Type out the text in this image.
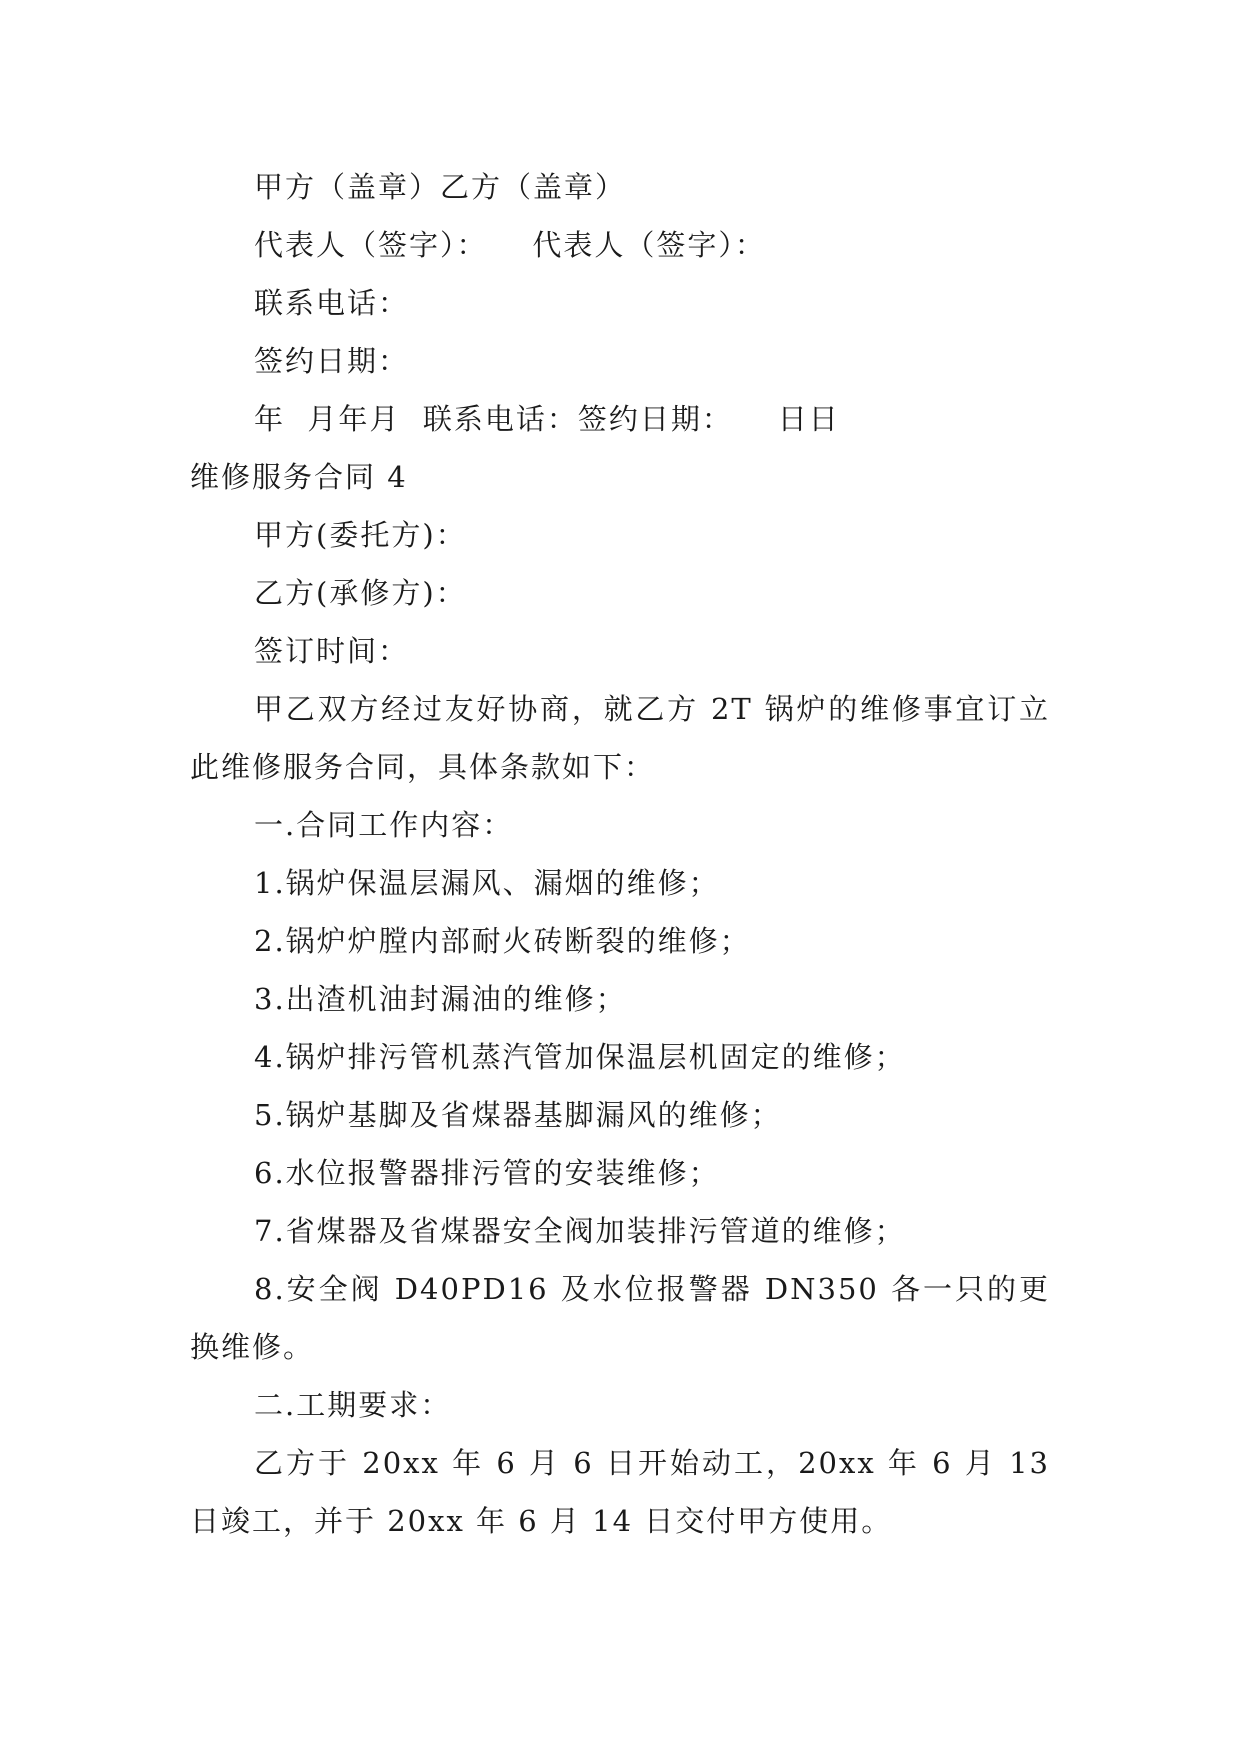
甲方（盖章）乙方（盖章）
代表人（签字）：    代表人（签字）：
联系电话：
签约日期：
年  月年月  联系电话：签约日期：    日日
维修服务合同 4
甲方(委托方)：
乙方(承修方)：
签订时间：
甲乙双方经过友好协商，就乙方 2T 锅炉的维修事宜订立此维修服务合同，具体条款如下：
一.合同工作内容：
1.锅炉保温层漏风、漏烟的维修；
2.锅炉炉膛内部耐火砖断裂的维修；
3.出渣机油封漏油的维修；
4.锅炉排污管机蒸汽管加保温层机固定的维修；
5.锅炉基脚及省煤器基脚漏风的维修；
6.水位报警器排污管的安装维修；
7.省煤器及省煤器安全阀加装排污管道的维修；
8.安全阀 D40PD16 及水位报警器 DN350 各一只的更换维修。
二.工期要求：
乙方于 20xx 年 6 月 6 日开始动工，20xx 年 6 月 13 日竣工，并于 20xx 年 6 月 14 日交付甲方使用。
